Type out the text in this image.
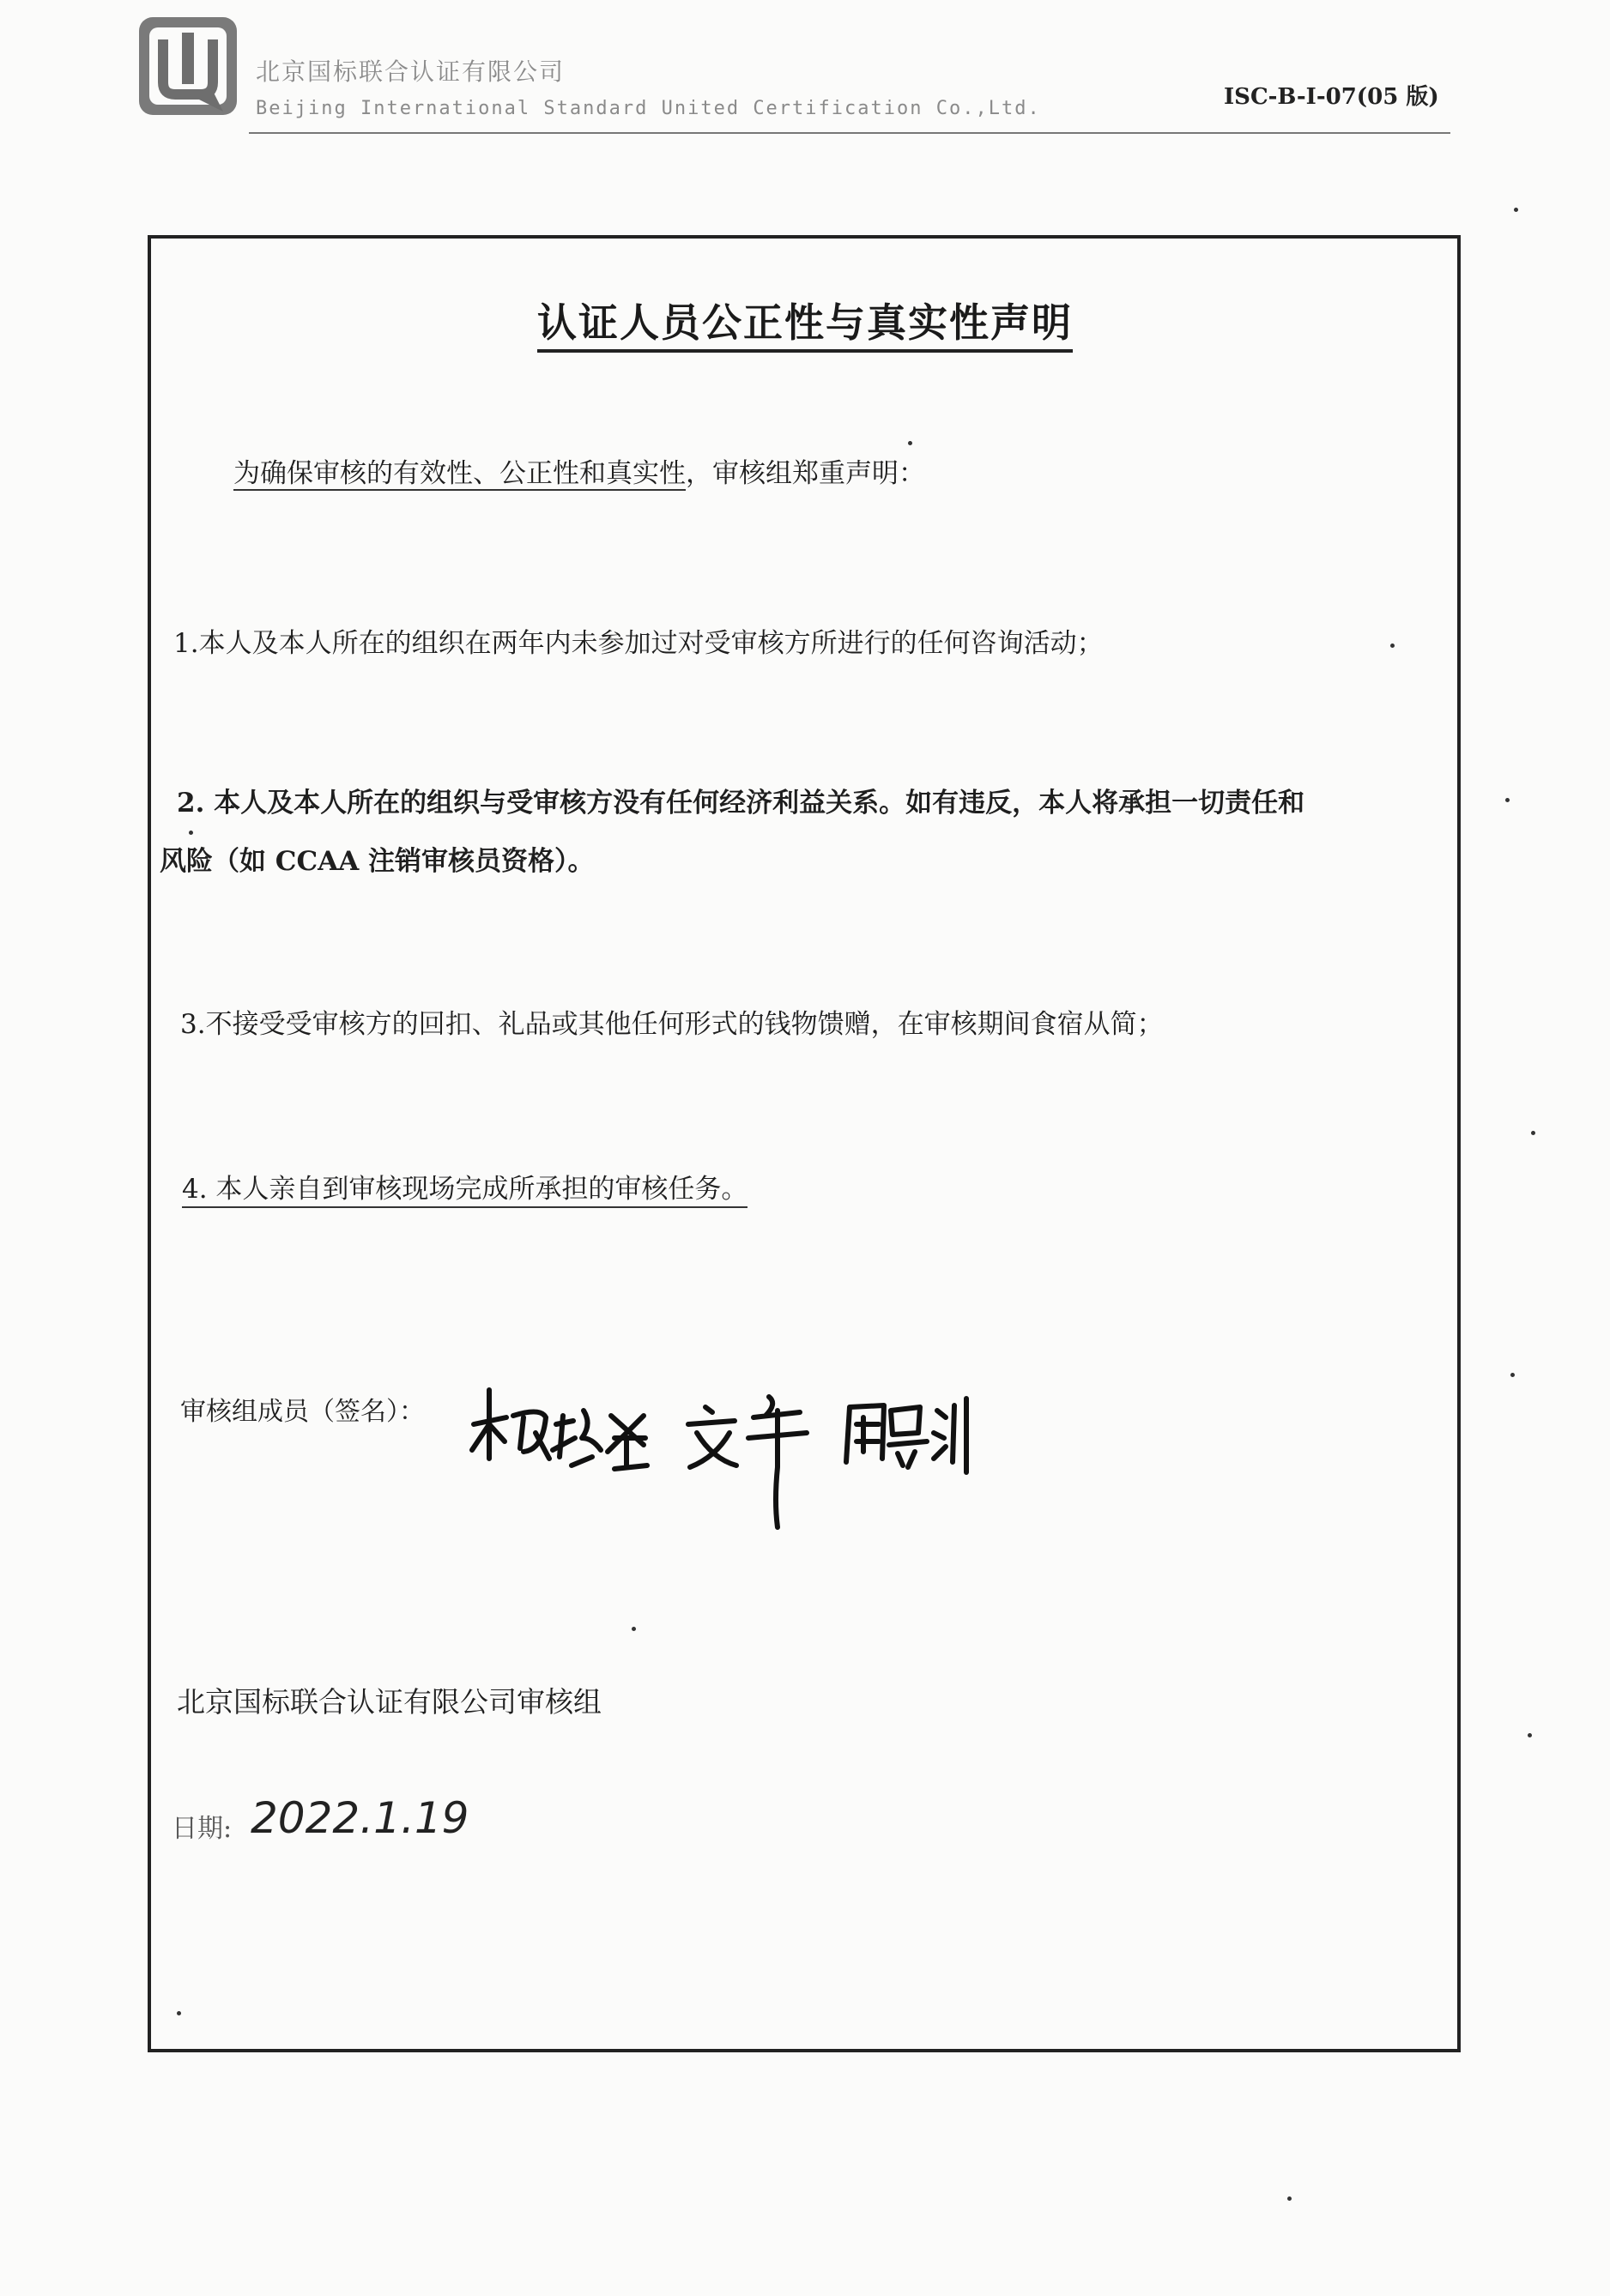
北京国标联合认证有限公司
Beijing International Standard United Certification Co.,Ltd.	ISC-B-I-07(05 版)
认证人员公正性与真实性声明
为确保审核的有效性、公正性和真实性，审核组郑重声明：
1.本人及本人所在的组织在两年内未参加过对受审核方所进行的任何咨询活动；
2. 本人及本人所在的组织与受审核方没有任何经济利益关系。如有违反，本人将承担一切责任和
风险（如 CCAA 注销审核员资格）。
3.不接受受审核方的回扣、礼品或其他任何形式的钱物馈赠，在审核期间食宿从简；
4. 本人亲自到审核现场完成所承担的审核任务。
审核组成员（签名）：
北京国标联合认证有限公司审核组
日期: 2022.1.19
